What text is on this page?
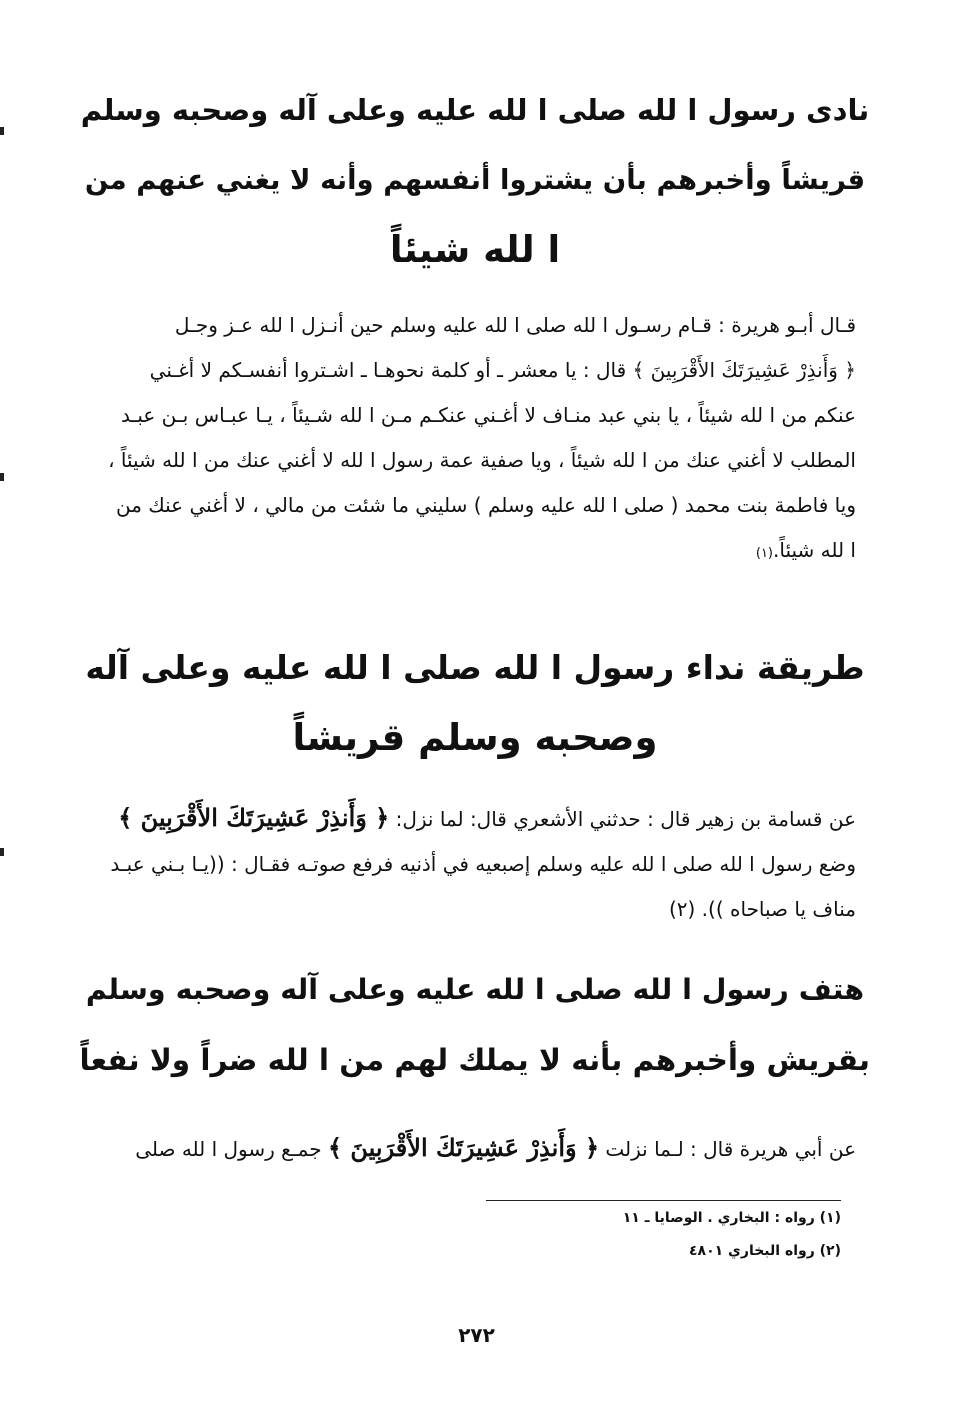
نادى رسول ا لله صلى ا لله عليه وعلى آله وصحبه وسلم
قريشاً وأخبرهم بأن يشتروا أنفسهم وأنه لا يغني عنهم من
ا لله شيئاً
قـال أبـو هريرة : قـام رسـول ا لله صلى ا لله عليه وسلم حين أنـزل ا لله عـز وجـل
﴿ وَأَنذِرْ عَشِيرَتَكَ الأَقْرَبِينَ ﴾ قال : يا معشر ـ أو كلمة نحوهـا ـ اشـتروا أنفسـكم لا أغـني
عنكم من ا لله شيئاً ، يا بني عبد منـاف لا أغـني عنكـم مـن ا لله شـيئاً ، يـا عبـاس بـن عبـد
المطلب لا أغني عنك من ا لله شيئاً ، ويا صفية عمة رسول ا لله لا أغني عنك من ا لله شيئاً ،
ويا فاطمة بنت محمد ( صلى ا لله عليه وسلم ) سليني ما شئت من مالي ، لا أغني عنك من
ا لله شيئاً.(١)
طريقة نداء رسول ا لله صلى ا لله عليه وعلى آله
وصحبه وسلم قريشاً
عن قسامة بن زهير قال : حدثني الأشعري قال: لما نزل: ﴿ وَأَنذِرْ عَشِيرَتَكَ الأَقْرَبِينَ ﴾
وضع رسول ا لله صلى ا لله عليه وسلم إصبعيه في أذنيه فرفع صوتـه فقـال : ((يـا بـني عبـد
مناف يا صباحاه )). (٢)
هتف رسول ا لله صلى ا لله عليه وعلى آله وصحبه وسلم
بقريش وأخبرهم بأنه لا يملك لهم من ا لله ضراً ولا نفعاً
عن أبي هريرة قال : لـما نزلت ﴿ وَأَنذِرْ عَشِيرَتَكَ الأَقْرَبِينَ ﴾ جمـع رسول ا لله صلى
(١) رواه : البخاري . الوصايا ـ ١١
(٢) رواه البخاري ٤٨٠١
٢٧٢
